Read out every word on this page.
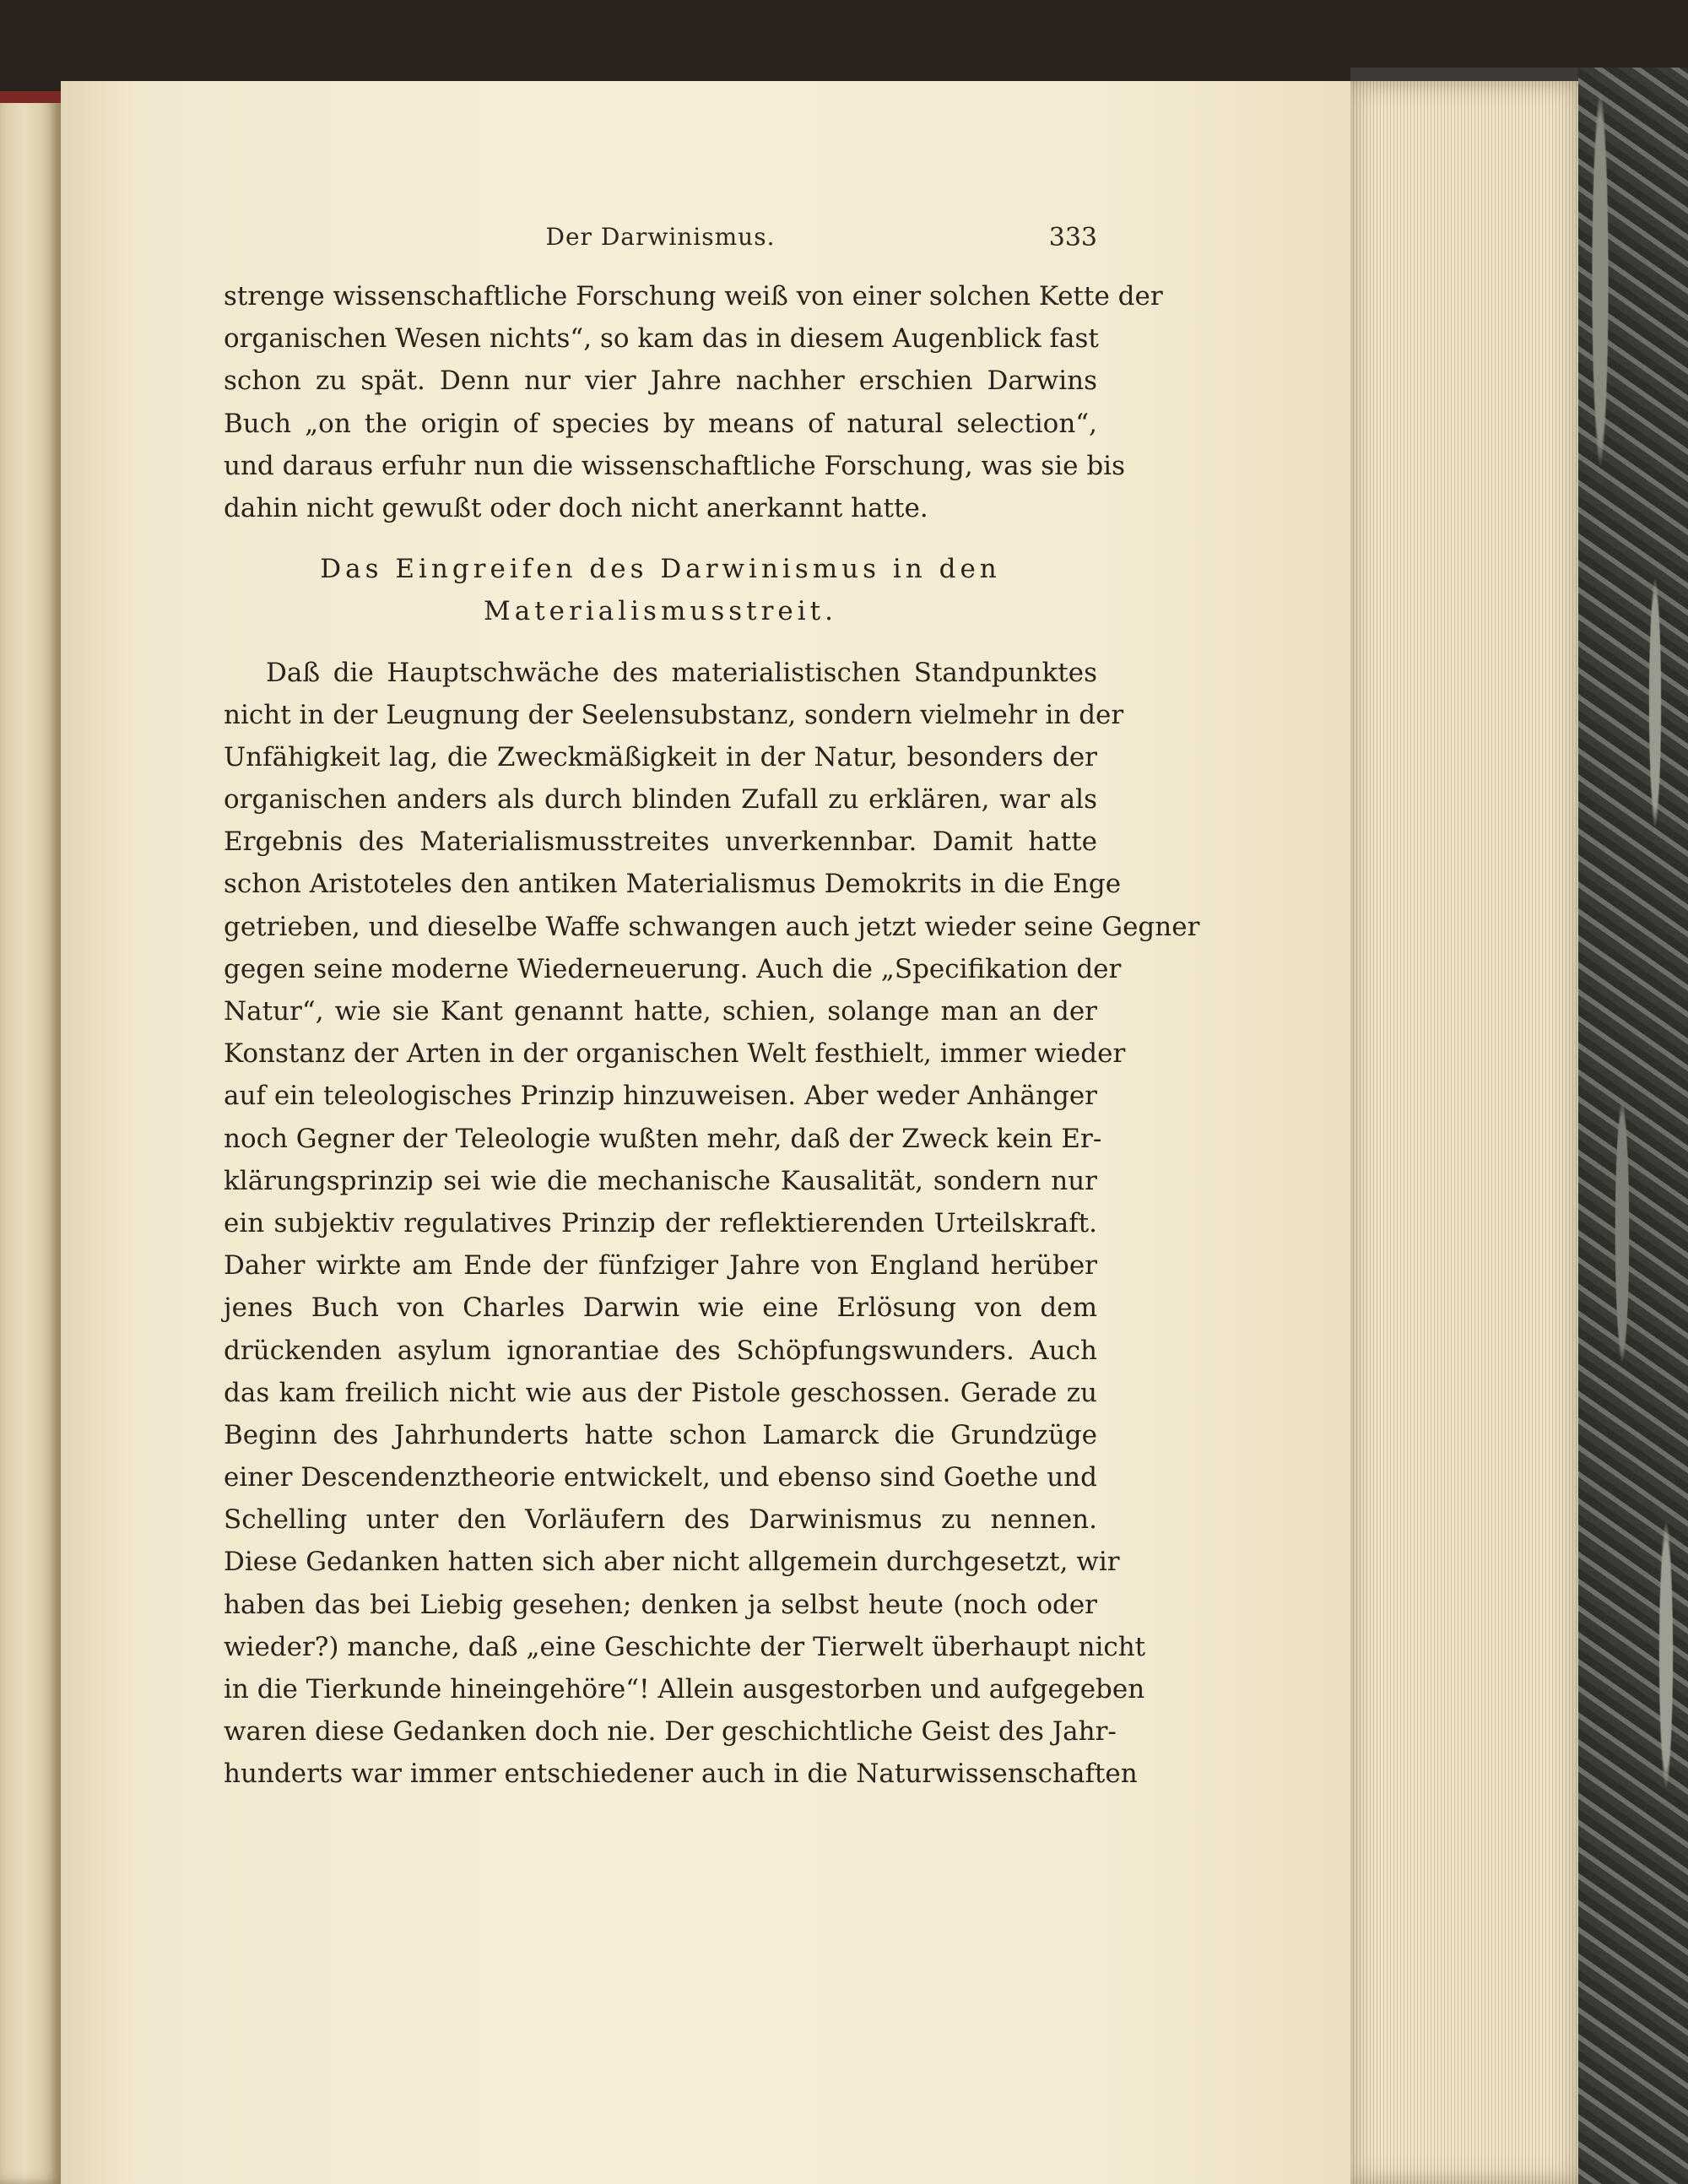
Der Darwinismus.	333
strenge wissenschaftliche Forschung weiß von einer solchen Kette der
organischen Wesen nichts“, so kam das in diesem Augenblick fast
schon zu spät. Denn nur vier Jahre nachher erschien Darwins
Buch „on the origin of species by means of natural selection“,
und daraus erfuhr nun die wissenschaftliche Forschung, was sie bis
dahin nicht gewußt oder doch nicht anerkannt hatte.
Das Eingreifen des Darwinismus in den
Materialismusstreit.
Daß die Hauptschwäche des materialistischen Standpunktes
nicht in der Leugnung der Seelensubstanz, sondern vielmehr in der
Unfähigkeit lag, die Zweckmäßigkeit in der Natur, besonders der
organischen anders als durch blinden Zufall zu erklären, war als
Ergebnis des Materialismusstreites unverkennbar. Damit hatte
schon Aristoteles den antiken Materialismus Demokrits in die Enge
getrieben, und dieselbe Waffe schwangen auch jetzt wieder seine Gegner
gegen seine moderne Wiederneuerung. Auch die „Specifikation der
Natur“, wie sie Kant genannt hatte, schien, solange man an der
Konstanz der Arten in der organischen Welt festhielt, immer wieder
auf ein teleologisches Prinzip hinzuweisen. Aber weder Anhänger
noch Gegner der Teleologie wußten mehr, daß der Zweck kein Er-
klärungsprinzip sei wie die mechanische Kausalität, sondern nur
ein subjektiv regulatives Prinzip der reflektierenden Urteilskraft.
Daher wirkte am Ende der fünfziger Jahre von England herüber
jenes Buch von Charles Darwin wie eine Erlösung von dem
drückenden asylum ignorantiae des Schöpfungswunders. Auch
das kam freilich nicht wie aus der Pistole geschossen. Gerade zu
Beginn des Jahrhunderts hatte schon Lamarck die Grundzüge
einer Descendenztheorie entwickelt, und ebenso sind Goethe und
Schelling unter den Vorläufern des Darwinismus zu nennen.
Diese Gedanken hatten sich aber nicht allgemein durchgesetzt, wir
haben das bei Liebig gesehen; denken ja selbst heute (noch oder
wieder?) manche, daß „eine Geschichte der Tierwelt überhaupt nicht
in die Tierkunde hineingehöre“! Allein ausgestorben und aufgegeben
waren diese Gedanken doch nie. Der geschichtliche Geist des Jahr-
hunderts war immer entschiedener auch in die Naturwissenschaften
